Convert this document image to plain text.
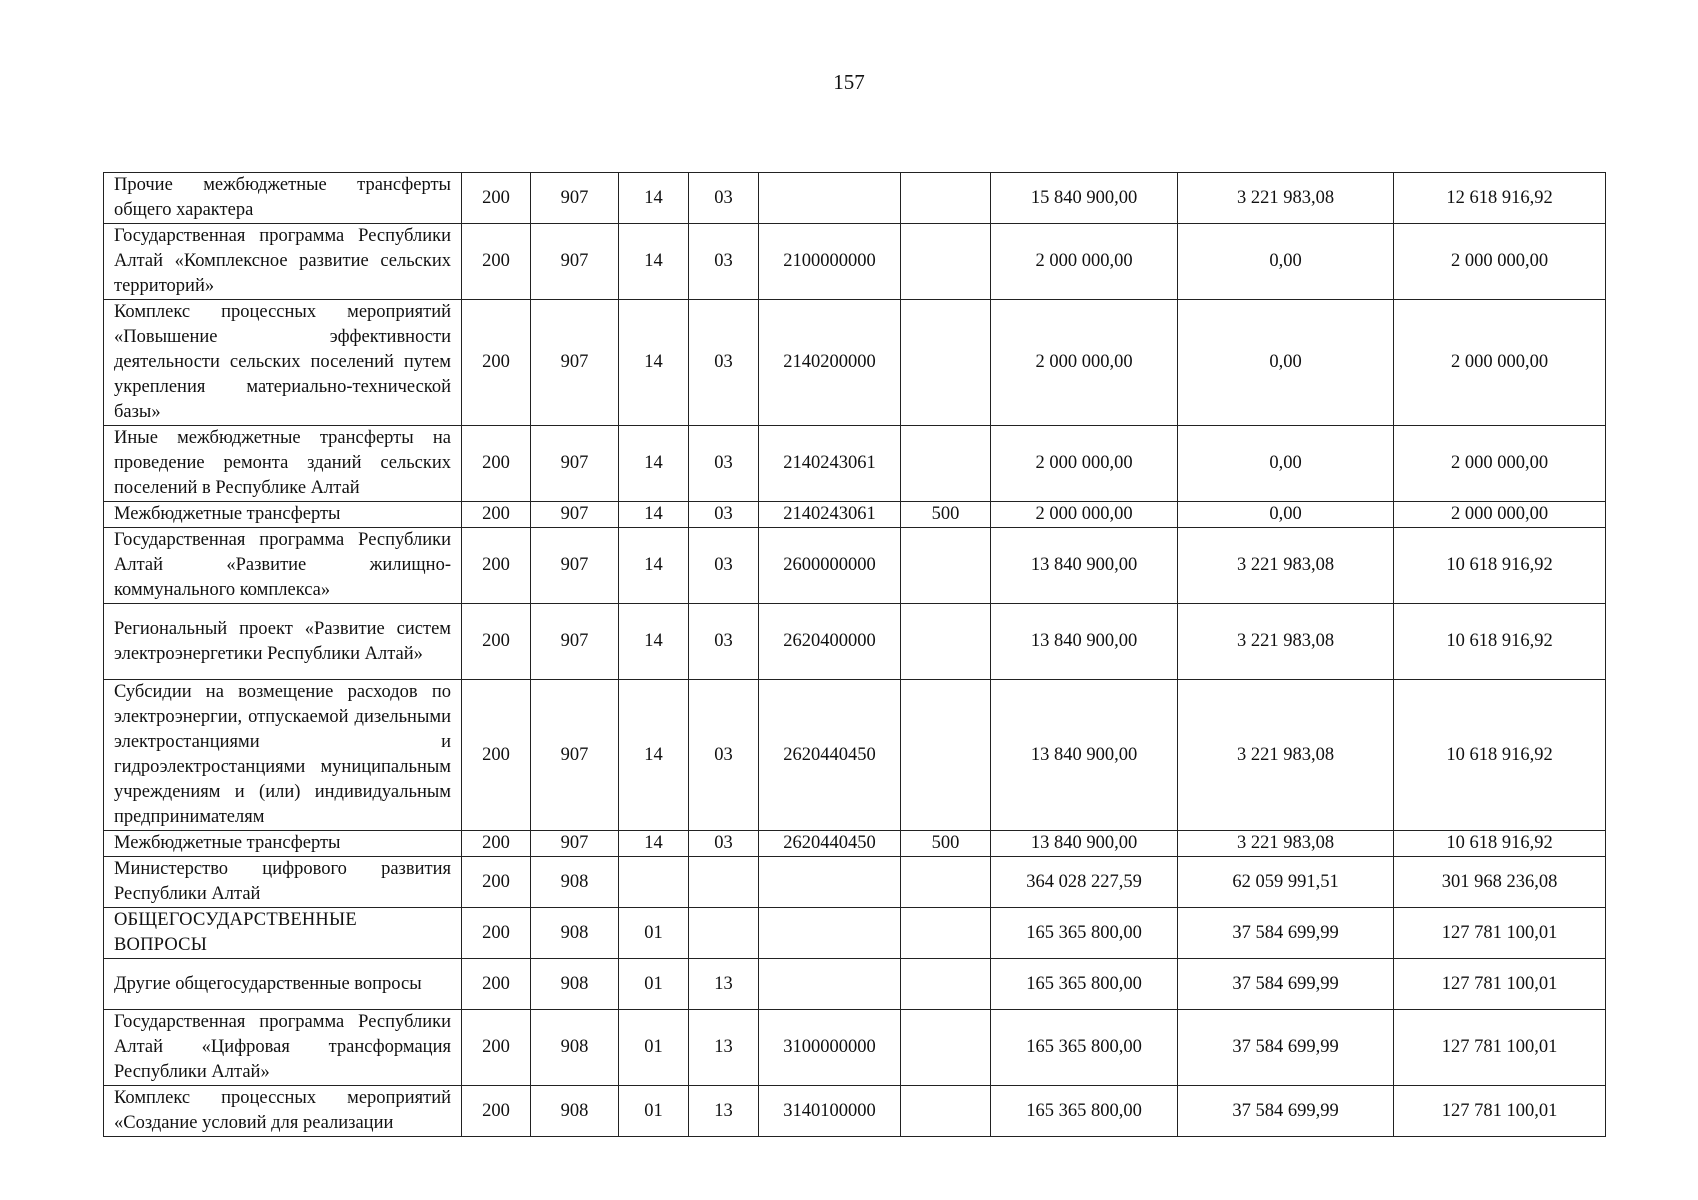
157
Прочие межбюджетные трансферты общего характера	200	907	14	03			15 840 900,00	3 221 983,08	12 618 916,92
Государственная программа Республики Алтай «Комплексное развитие сельских территорий»	200	907	14	03	2100000000		2 000 000,00	0,00	2 000 000,00
Комплекс процессных мероприятий «Повышение эффективности деятельности сельских поселений путем укрепления материально-технической базы»	200	907	14	03	2140200000		2 000 000,00	0,00	2 000 000,00
Иные межбюджетные трансферты на проведение ремонта зданий сельских поселений в Республике Алтай	200	907	14	03	2140243061		2 000 000,00	0,00	2 000 000,00
Межбюджетные трансферты	200	907	14	03	2140243061	500	2 000 000,00	0,00	2 000 000,00
Государственная программа Республики Алтай «Развитие жилищно-коммунального комплекса»	200	907	14	03	2600000000		13 840 900,00	3 221 983,08	10 618 916,92
Региональный проект «Развитие систем электроэнергетики Республики Алтай»	200	907	14	03	2620400000		13 840 900,00	3 221 983,08	10 618 916,92
Субсидии на возмещение расходов по электроэнергии, отпускаемой дизельными электростанциями и гидроэлектростанциями муниципальным учреждениям и (или) индивидуальным предпринимателям	200	907	14	03	2620440450		13 840 900,00	3 221 983,08	10 618 916,92
Межбюджетные трансферты	200	907	14	03	2620440450	500	13 840 900,00	3 221 983,08	10 618 916,92
Министерство цифрового развития Республики Алтай	200	908					364 028 227,59	62 059 991,51	301 968 236,08
ОБЩЕГОСУДАРСТВЕННЫЕ ВОПРОСЫ	200	908	01				165 365 800,00	37 584 699,99	127 781 100,01
Другие общегосударственные вопросы	200	908	01	13			165 365 800,00	37 584 699,99	127 781 100,01
Государственная программа Республики Алтай «Цифровая трансформация Республики Алтай»	200	908	01	13	3100000000		165 365 800,00	37 584 699,99	127 781 100,01
Комплекс процессных мероприятий «Создание условий для реализации	200	908	01	13	3140100000		165 365 800,00	37 584 699,99	127 781 100,01
